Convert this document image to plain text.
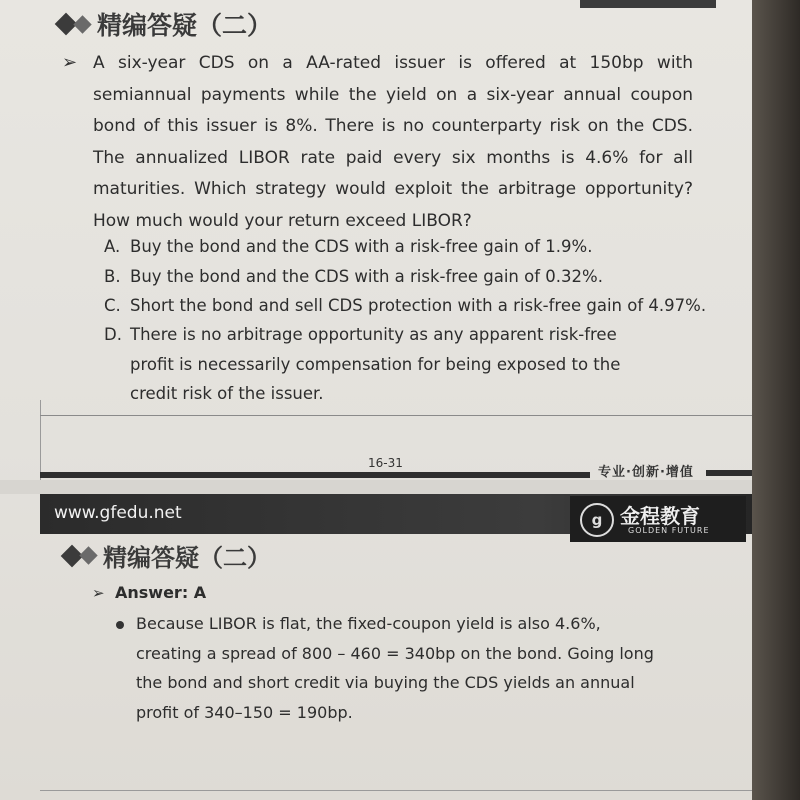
精编答疑（二）
➢ A six-year CDS on a AA-rated issuer is offered at 150bp with semiannual payments while the yield on a six-year annual coupon bond of this issuer is 8%. There is no counterparty risk on the CDS. The annualized LIBOR rate paid every six months is 4.6% for all maturities. Which strategy would exploit the arbitrage opportunity? How much would your return exceed LIBOR?

A. Buy the bond and the CDS with a risk-free gain of 1.9%.

B. Buy the bond and the CDS with a risk-free gain of 0.32%.

C. Short the bond and sell CDS protection with a risk-free gain of 4.97%.

D. There is no arbitrage opportunity as any apparent risk-free profit is necessarily compensation for being exposed to the credit risk of the issuer.

16-31
专业·创新·增值
www.gfedu.net	g 金程教育
GOLDEN FUTURE
精编答疑（二）
➢ Answer: A

Because LIBOR is flat, the fixed-coupon yield is also 4.6%, creating a spread of 800 – 460 = 340bp on the bond. Going long the bond and short credit via buying the CDS yields an annual profit of 340–150 = 190bp.
